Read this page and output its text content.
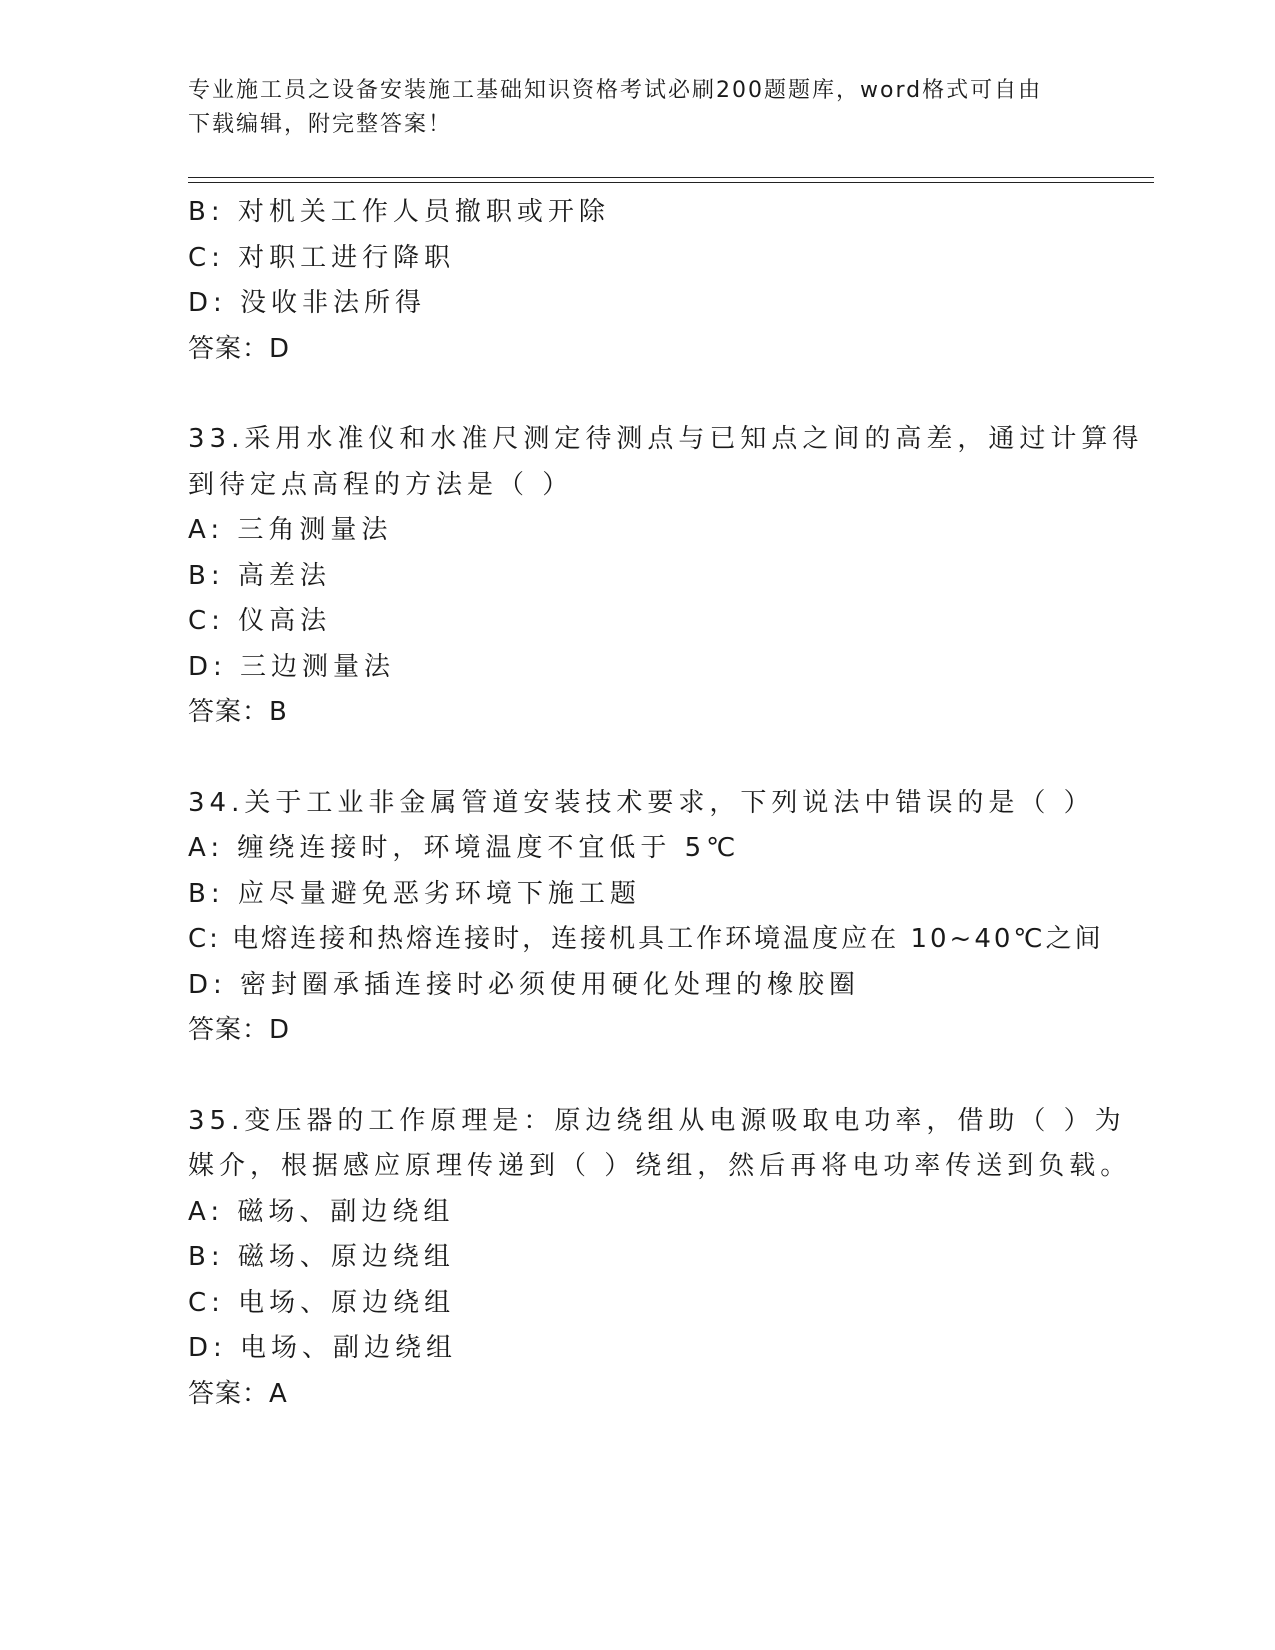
专业施工员之设备安装施工基础知识资格考试必刷200题题库，word格式可自由
下载编辑，附完整答案！
B: 对机关工作人员撤职或开除
C: 对职工进行降职
D: 没收非法所得
答案：D
33.采用水准仪和水准尺测定待测点与已知点之间的高差，通过计算得
到待定点高程的方法是（ ）
A: 三角测量法
B: 高差法
C: 仪高法
D: 三边测量法
答案：B
34.关于工业非金属管道安装技术要求，下列说法中错误的是（ ）
A: 缠绕连接时，环境温度不宜低于 5℃
B: 应尽量避免恶劣环境下施工题
C: 电熔连接和热熔连接时，连接机具工作环境温度应在 10~40℃之间
D: 密封圈承插连接时必须使用硬化处理的橡胶圈
答案：D
35.变压器的工作原理是：原边绕组从电源吸取电功率，借助（ ）为
媒介，根据感应原理传递到（ ）绕组，然后再将电功率传送到负载。
A: 磁场、副边绕组
B: 磁场、原边绕组
C: 电场、原边绕组
D: 电场、副边绕组
答案：A
